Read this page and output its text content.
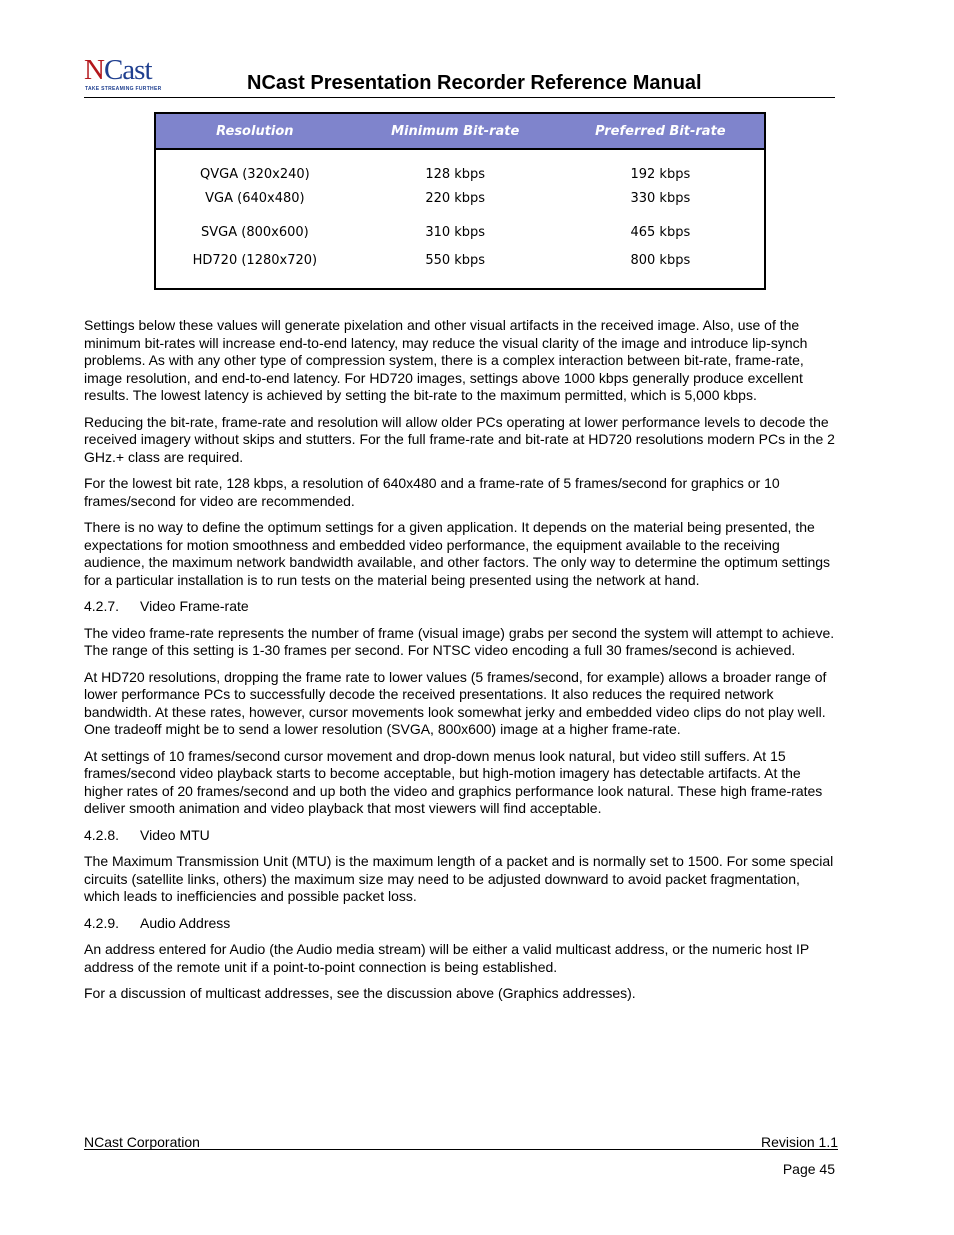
NCast
TAKE STREAMING FURTHER	NCast Presentation Recorder Reference Manual
Resolution	Minimum Bit-rate	Preferred Bit-rate
QVGA (320x240)	128 kbps	192 kbps
VGA (640x480)	220 kbps	330 kbps
SVGA (800x600)	310 kbps	465 kbps
HD720 (1280x720)	550 kbps	800 kbps

Settings below these values will generate pixelation and other visual artifacts in the received image. Also, use of the minimum bit-rates will increase end-to-end latency, may reduce the visual clarity of the image and introduce lip-synch problems. As with any other type of compression system, there is a complex interaction between bit-rate, frame-rate, image resolution, and end-to-end latency. For HD720 images, settings above 1000 kbps generally produce excellent results. The lowest latency is achieved by setting the bit-rate to the maximum permitted, which is 5,000 kbps.

Reducing the bit-rate, frame-rate and resolution will allow older PCs operating at lower performance levels to decode the received imagery without skips and stutters. For the full frame-rate and bit-rate at HD720 resolutions modern PCs in the 2 GHz.+ class are required.

For the lowest bit rate, 128 kbps, a resolution of 640x480 and a frame-rate of 5 frames/second for graphics or 10 frames/second for video are recommended.

There is no way to define the optimum settings for a given application. It depends on the material being presented, the expectations for motion smoothness and embedded video performance, the equipment available to the receiving audience, the maximum network bandwidth available, and other factors. The only way to determine the optimum settings for a particular installation is to run tests on the material being presented using the network at hand.

4.2.7. Video Frame-rate

The video frame-rate represents the number of frame (visual image) grabs per second the system will attempt to achieve. The range of this setting is 1-30 frames per second. For NTSC video encoding a full 30 frames/second is achieved.

At HD720 resolutions, dropping the frame rate to lower values (5 frames/second, for example) allows a broader range of lower performance PCs to successfully decode the received presentations. It also reduces the required network bandwidth. At these rates, however, cursor movements look somewhat jerky and embedded video clips do not play well. One tradeoff might be to send a lower resolution (SVGA, 800x600) image at a higher frame-rate.

At settings of 10 frames/second cursor movement and drop-down menus look natural, but video still suffers. At 15 frames/second video playback starts to become acceptable, but high-motion imagery has detectable artifacts. At the higher rates of 20 frames/second and up both the video and graphics performance look natural. These high frame-rates deliver smooth animation and video playback that most viewers will find acceptable.

4.2.8. Video MTU

The Maximum Transmission Unit (MTU) is the maximum length of a packet and is normally set to 1500. For some special circuits (satellite links, others) the maximum size may need to be adjusted downward to avoid packet fragmentation, which leads to inefficiencies and possible packet loss.

4.2.9. Audio Address

An address entered for Audio (the Audio media stream) will be either a valid multicast address, or the numeric host IP address of the remote unit if a point-to-point connection is being established.

For a discussion of multicast addresses, see the discussion above (Graphics addresses).

NCast Corporation	Revision 1.1
Page 45
